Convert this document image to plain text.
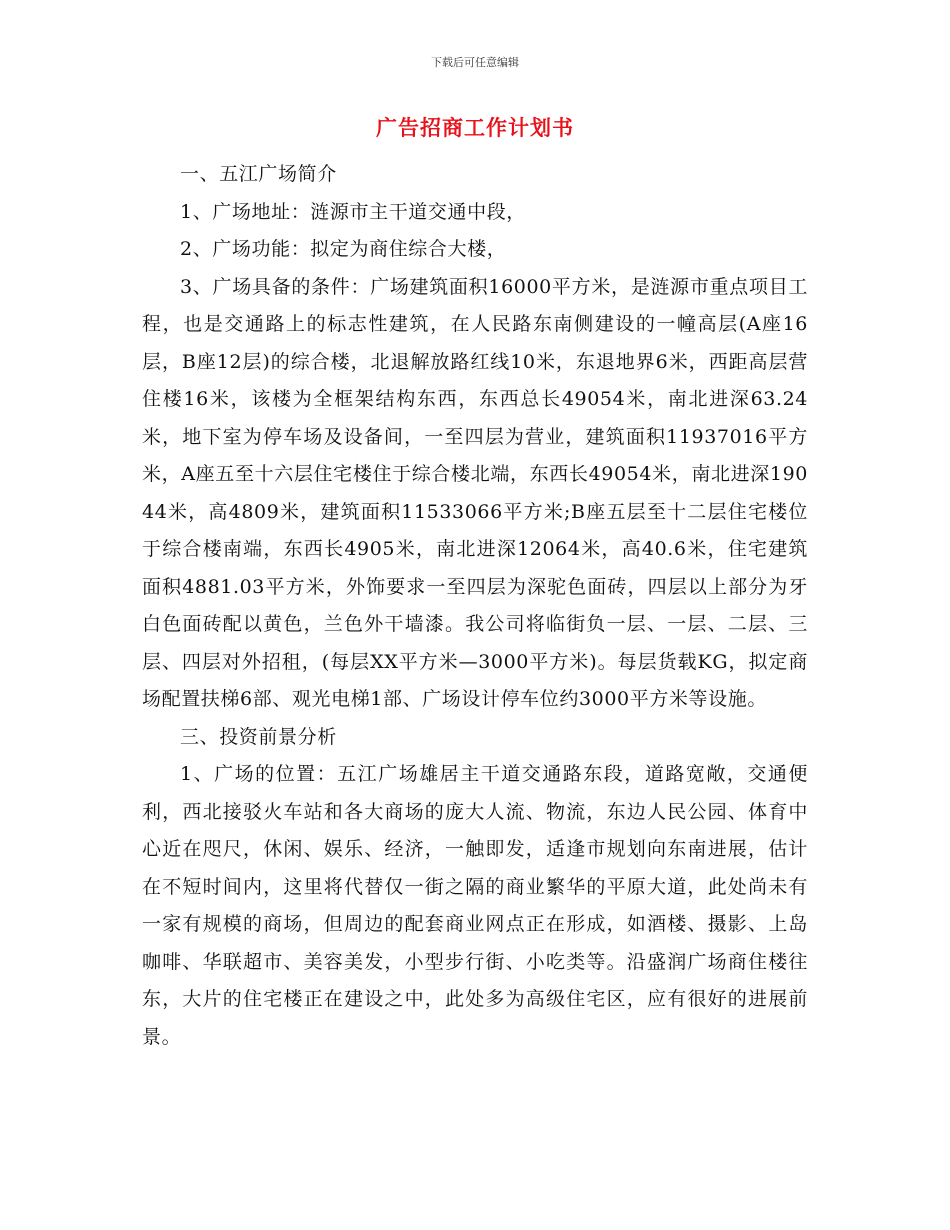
下载后可任意编辑
广告招商工作计划书

一、五江广场简介

1、广场地址：涟源市主干道交通中段，

2、广场功能：拟定为商住综合大楼，

3、广场具备的条件：广场建筑面积16000平方米，是涟源市重点项目工程，也是交通路上的标志性建筑，在人民路东南侧建设的一幢高层(A座16层，B座12层)的综合楼，北退解放路红线10米，东退地界6米，西距高层营住楼16米，该楼为全框架结构东西，东西总长49054米，南北进深63.24米，地下室为停车场及设备间，一至四层为营业，建筑面积11937016平方米，A座五至十六层住宅楼住于综合楼北端，东西长49054米，南北进深19044米，高4809米，建筑面积11533066平方米;B座五层至十二层住宅楼位于综合楼南端，东西长4905米，南北进深12064米，高40.6米，住宅建筑面积4881.03平方米，外饰要求一至四层为深驼色面砖，四层以上部分为牙白色面砖配以黄色，兰色外干墙漆。我公司将临街负一层、一层、二层、三层、四层对外招租，(每层XX平方米—3000平方米)。每层货载KG，拟定商场配置扶梯6部、观光电梯1部、广场设计停车位约3000平方米等设施。

三、投资前景分析

1、广场的位置：五江广场雄居主干道交通路东段，道路宽敞，交通便利，西北接驳火车站和各大商场的庞大人流、物流，东边人民公园、体育中心近在咫尺，休闲、娱乐、经济，一触即发，适逢市规划向东南进展，估计在不短时间内，这里将代替仅一街之隔的商业繁华的平原大道，此处尚未有一家有规模的商场，但周边的配套商业网点正在形成，如酒楼、摄影、上岛咖啡、华联超市、美容美发，小型步行街、小吃类等。沿盛润广场商住楼往东，大片的住宅楼正在建设之中，此处多为高级住宅区，应有很好的进展前景。
